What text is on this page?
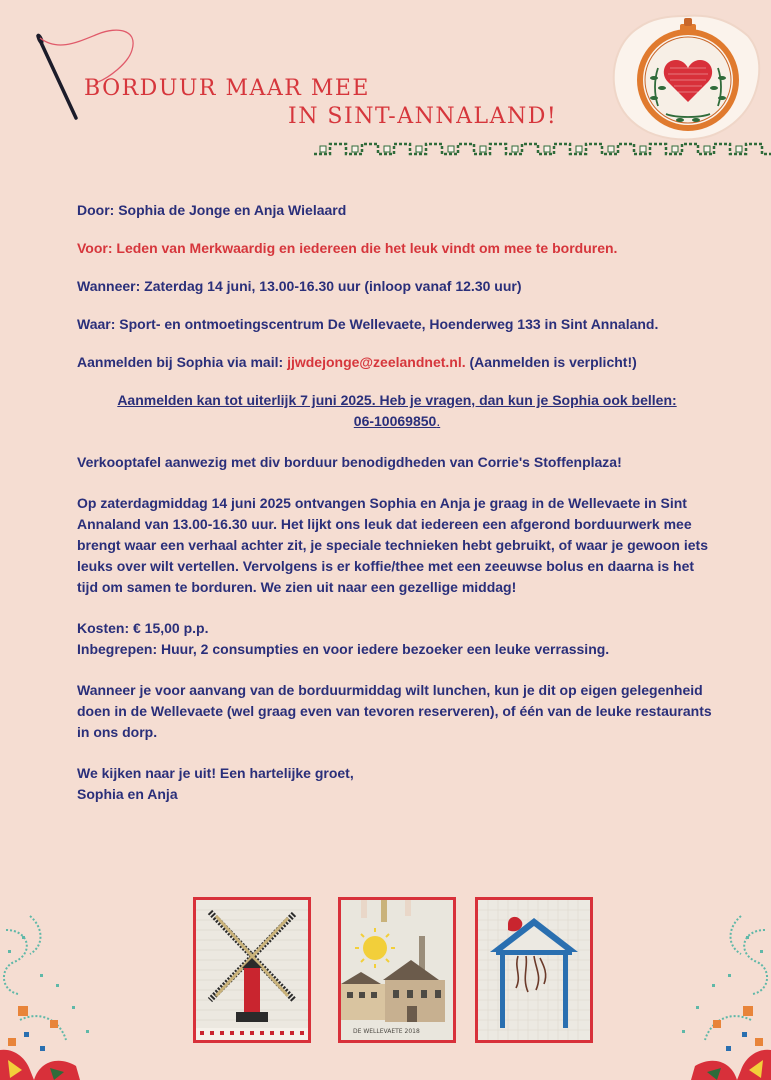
BORDUUR MAAR MEE
IN SINT-ANNALAND!

Door: Sophia de Jonge en Anja Wielaard

Voor: Leden van Merkwaardig en iedereen die het leuk vindt om mee te borduren.

Wanneer: Zaterdag 14 juni, 13.00-16.30 uur (inloop vanaf 12.30 uur)

Waar: Sport- en ontmoetingscentrum De Wellevaete, Hoenderweg 133 in Sint Annaland.

Aanmelden bij Sophia via mail: jjwdejonge@zeelandnet.nl. (Aanmelden is verplicht!)

Aanmelden kan tot uiterlijk 7 juni 2025. Heb je vragen, dan kun je Sophia ook bellen:
06-10069850.

Verkooptafel aanwezig met div borduur benodigdheden van Corrie's Stoffenplaza!

Op zaterdagmiddag 14 juni 2025 ontvangen Sophia en Anja je graag in de Wellevaete in Sint Annaland van 13.00-16.30 uur. Het lijkt ons leuk dat iedereen een afgerond borduurwerk mee brengt waar een verhaal achter zit, je speciale technieken hebt gebruikt, of waar je gewoon iets leuks over wilt vertellen. Vervolgens is er koffie/thee met een zeeuwse bolus en daarna is het tijd om samen te borduren. We zien uit naar een gezellige middag!

Kosten: € 15,00 p.p.

Inbegrepen: Huur, 2 consumpties en voor iedere bezoeker een leuke verrassing.

Wanneer je voor aanvang van de borduurmiddag wilt lunchen, kun je dit op eigen gelegenheid doen in de Wellevaete (wel graag even van tevoren reserveren), of één van de leuke restaurants in ons dorp.

We kijken naar je uit! Een hartelijke groet,

Sophia en Anja

DE WELLEVAETE 2018
